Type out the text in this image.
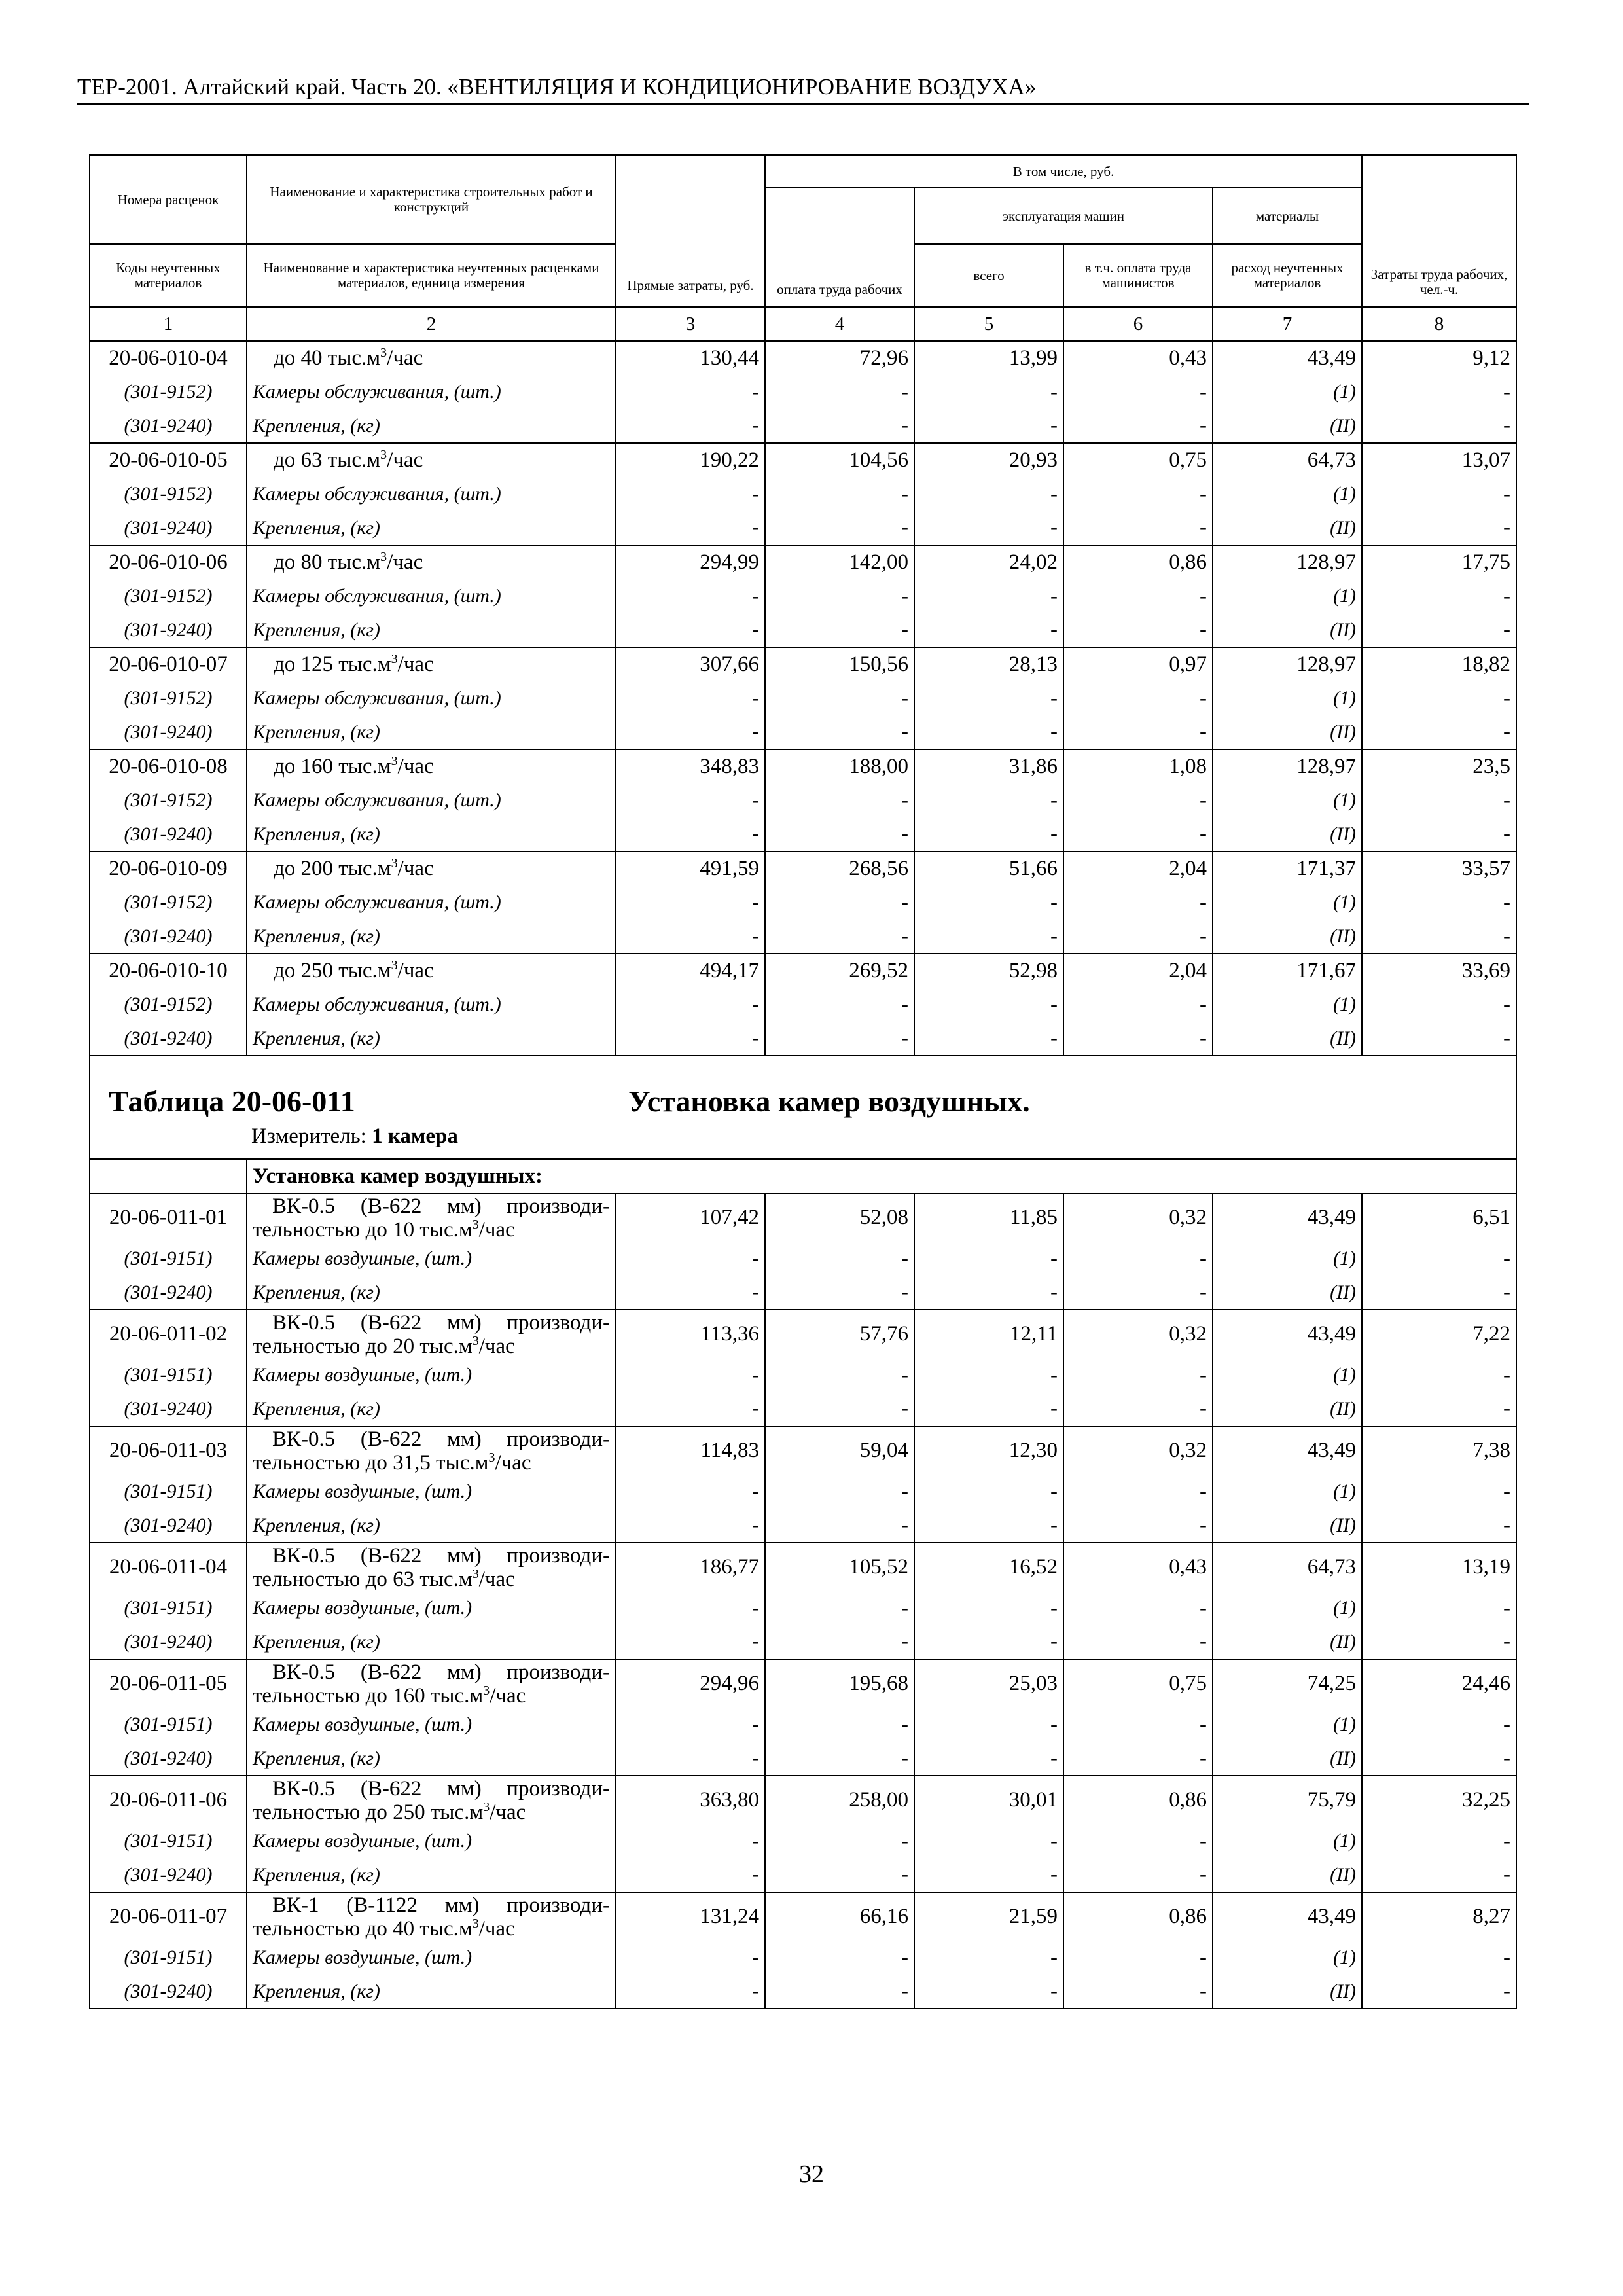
ТЕР-2001. Алтайский край. Часть 20. «ВЕНТИЛЯЦИЯ И КОНДИЦИОНИРОВАНИЕ ВОЗДУХА»
Номера расценок	Наименование и характеристика строительных работ и конструкций	Прямые затраты, руб.	В том числе, руб.				Затраты труда рабочих, чел.-ч.
			оплата труда рабочих	эксплуатация машин		материалы	
Коды неучтенных материалов	Наименование и характеристика неучтенных расценками материалов, единица измерения			всего	в т.ч. оплата труда машинистов	расход неучтенных материалов	
1	2	3	4	5	6	7	8
20-06-010-04	до 40 $тыс.м^3$/час	130,44	72,96	13,99	0,43	43,49	9,12
(301-9152)	Камеры обслуживания, (шт.)	-	-	-	-	(1)	-
(301-9240)	Крепления, (кг)	-	-	-	-	(II)	-
20-06-010-05	до 63 $тыс.м^3$/час	190,22	104,56	20,93	0,75	64,73	13,07
(301-9152)	Камеры обслуживания, (шт.)	-	-	-	-	(1)	-
(301-9240)	Крепления, (кг)	-	-	-	-	(II)	-
20-06-010-06	до 80 $тыс.м^3$/час	294,99	142,00	24,02	0,86	128,97	17,75
(301-9152)	Камеры обслуживания, (шт.)	-	-	-	-	(1)	-
(301-9240)	Крепления, (кг)	-	-	-	-	(II)	-
20-06-010-07	до 125 $тыс.м^3$/час	307,66	150,56	28,13	0,97	128,97	18,82
(301-9152)	Камеры обслуживания, (шт.)	-	-	-	-	(1)	-
(301-9240)	Крепления, (кг)	-	-	-	-	(II)	-
20-06-010-08	до 160 $тыс.м^3$/час	348,83	188,00	31,86	1,08	128,97	23,5
(301-9152)	Камеры обслуживания, (шт.)	-	-	-	-	(1)	-
(301-9240)	Крепления, (кг)	-	-	-	-	(II)	-
20-06-010-09	до 200 $тыс.м^3$/час	491,59	268,56	51,66	2,04	171,37	33,57
(301-9152)	Камеры обслуживания, (шт.)	-	-	-	-	(1)	-
(301-9240)	Крепления, (кг)	-	-	-	-	(II)	-
20-06-010-10	до 250 $тыс.м^3$/час	494,17	269,52	52,98	2,04	171,67	33,69
(301-9152)	Камеры обслуживания, (шт.)	-	-	-	-	(1)	-
(301-9240)	Крепления, (кг)	-	-	-	-	(II)	-

Таблица 20-06-011 Установка камер воздушных.
Измеритель: 1 камера							

	Установка камер воздушных:						
20-06-011-01	ВК-0.5 (В-622 мм) производи-
тельностью до 10 $тыс.м^3$/час	107,42	52,08	11,85	0,32	43,49	6,51
(301-9151)	Камеры воздушные, (шт.)	-	-	-	-	(1)	-
(301-9240)	Крепления, (кг)	-	-	-	-	(II)	-
20-06-011-02	ВК-0.5 (В-622 мм) производи-
тельностью до 20 $тыс.м^3$/час	113,36	57,76	12,11	0,32	43,49	7,22
(301-9151)	Камеры воздушные, (шт.)	-	-	-	-	(1)	-
(301-9240)	Крепления, (кг)	-	-	-	-	(II)	-
20-06-011-03	ВК-0.5 (В-622 мм) производи-
тельностью до 31,5 $тыс.м^3$/час	114,83	59,04	12,30	0,32	43,49	7,38
(301-9151)	Камеры воздушные, (шт.)	-	-	-	-	(1)	-
(301-9240)	Крепления, (кг)	-	-	-	-	(II)	-
20-06-011-04	ВК-0.5 (В-622 мм) производи-
тельностью до 63 $тыс.м^3$/час	186,77	105,52	16,52	0,43	64,73	13,19
(301-9151)	Камеры воздушные, (шт.)	-	-	-	-	(1)	-
(301-9240)	Крепления, (кг)	-	-	-	-	(II)	-
20-06-011-05	ВК-0.5 (В-622 мм) производи-
тельностью до 160 $тыс.м^3$/час	294,96	195,68	25,03	0,75	74,25	24,46
(301-9151)	Камеры воздушные, (шт.)	-	-	-	-	(1)	-
(301-9240)	Крепления, (кг)	-	-	-	-	(II)	-
20-06-011-06	ВК-0.5 (В-622 мм) производи-
тельностью до 250 $тыс.м^3$/час	363,80	258,00	30,01	0,86	75,79	32,25
(301-9151)	Камеры воздушные, (шт.)	-	-	-	-	(1)	-
(301-9240)	Крепления, (кг)	-	-	-	-	(II)	-
20-06-011-07	ВК-1 (В-1122 мм) производи-
тельностью до 40 $тыс.м^3$/час	131,24	66,16	21,59	0,86	43,49	8,27
(301-9151)	Камеры воздушные, (шт.)	-	-	-	-	(1)	-
(301-9240)	Крепления, (кг)	-	-	-	-	(II)	-
32
